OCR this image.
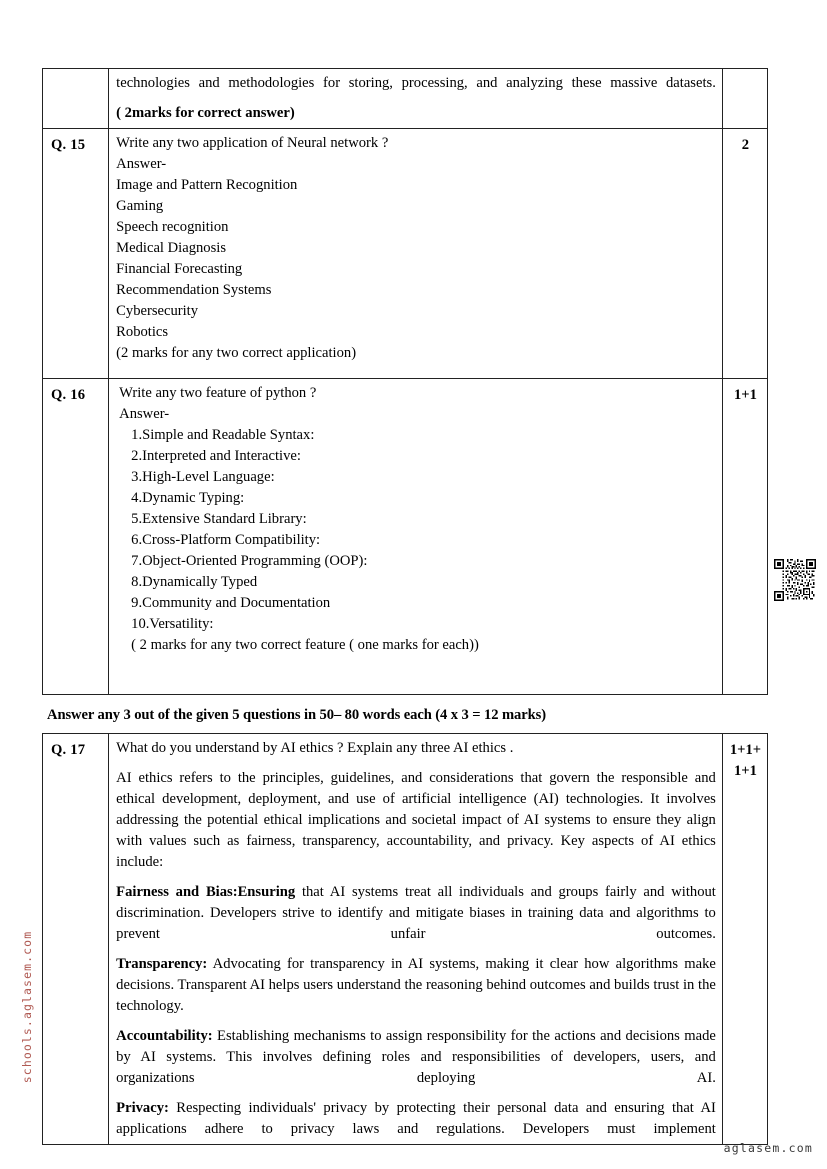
	technologies and methodologies for storing, processing, and analyzing these massive datasets.
( 2marks for correct answer)	

Q. 15	Write any two application of Neural network ?
Answer-
Image and Pattern Recognition
Gaming
Speech recognition
Medical Diagnosis
Financial Forecasting
Recommendation Systems
Cybersecurity
Robotics
(2 marks for any two correct application)

	2
Q. 16	Write any two feature of python ?
Answer-
1.Simple and Readable Syntax:
2.Interpreted and Interactive:
3.High-Level Language:
4.Dynamic Typing:
5.Extensive Standard Library:
6.Cross-Platform Compatibility:
7.Object-Oriented Programming (OOP):
8.Dynamically Typed
9.Community and Documentation
10.Versatility:
( 2 marks for any two correct feature ( one marks for each))

	1+1
Answer any 3 out of the given 5 questions in 50– 80 words each (4 x 3 = 12 marks)
Q. 17	What do you understand by AI ethics ? Explain any three AI ethics .
AI ethics refers to the principles, guidelines, and considerations that govern the responsible and ethical development, deployment, and use of artificial intelligence (AI) technologies. It involves addressing the potential ethical implications and societal impact of AI systems to ensure they align with values such as fairness, transparency, accountability, and privacy. Key aspects of AI ethics include:
Fairness and Bias:Ensuring that AI systems treat all individuals and groups fairly and without discrimination. Developers strive to identify and mitigate biases in training data and algorithms to prevent unfair outcomes.
Transparency: Advocating for transparency in AI systems, making it clear how algorithms make decisions. Transparent AI helps users understand the reasoning behind outcomes and builds trust in the technology.
Accountability: Establishing mechanisms to assign responsibility for the actions and decisions made by AI systems. This involves defining roles and responsibilities of developers, users, and organizations deploying AI.
Privacy: Respecting individuals' privacy by protecting their personal data and ensuring that AI applications adhere to privacy laws and regulations. Developers must implement

1+1+
1+1
schools.aglasem.com
aglasem.com
